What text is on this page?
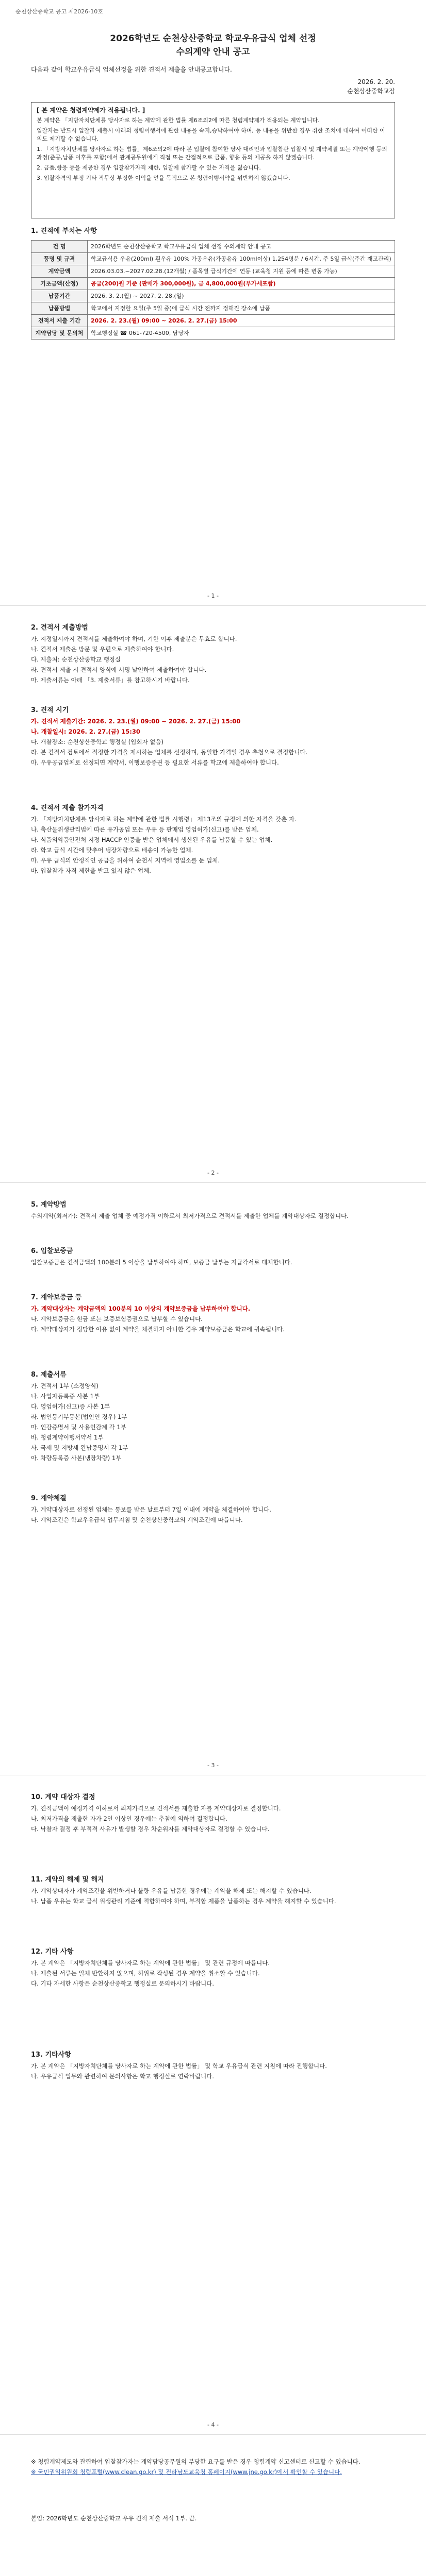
순천상산중학교 공고 제2026-10호
2026학년도 순천상산중학교 학교우유급식 업체 선정
수의계약 안내 공고
다음과 같이 학교우유급식 업체선정을 위한 견적서 제출을 안내공고합니다.
2026. 2. 20.
순천상산중학교장
[ 본 계약은 청렴계약제가 적용됩니다. ]

본 계약은 「지방자치단체를 당사자로 하는 계약에 관한 법률 제6조의2에 따른 청렴계약제가 적용되는 계약입니다.

입찰자는 반드시 입찰자 제출시 아래의 청렴이행서에 관한 내용을 숙지,승낙하여야 하며, 동 내용을 위반한 경우 취한 조치에 대하여 어떠한 이의도 제기할 수 없습니다.

1. 「지방자치단체를 당사자로 하는 법률」제6조의2에 따라 본 입찰에 참여한 당사 대리인과 입찰참관 입찰시 및 계약체결 또는 계약이행 등의 과정(준공,납품 이후를 포함)에서 관계공무원에게 직접 또는 간접적으로 금품, 향응 등의 제공을 하지 않겠습니다.

2. 금품,향응 등을 제공한 경우 입찰참가자격 제한, 입찰에 참가할 수 있는 자격을 잃습니다.

3. 입찰자격의 부정 기타 직무상 부정한 이익을 얻을 목적으로 본 청렴이행서약을 위반하지 않겠습니다.

1. 견적에 부치는 사항
건 명	2026학년도 순천상산중학교 학교우유급식 업체 선정 수의계약 안내 공고
품명 및 규격	학교급식용 우유(200ml) 흰우유 100% 가공우유(가공유유 100ml이상) 1,254명분 / 6시간, 주 5일 급식(주간 재고관리)
계약금액	2026.03.03.~2027.02.28.(12개월) / 품목별 급식기간에 연동 (교육청 지원 등에 따른 변동 가능)
기초금액(산정)	공급(200)원 기준 (판매가 300,000원), 금 4,800,000원(부가세포함)
납품기간	2026. 3. 2.(월) ~ 2027. 2. 28.(일)
납품방법	학교에서 지정한 요일(주 5일 중)에 급식 시간 전까지 정해진 장소에 납품
견적서 제출 기간	2026. 2. 23.(월) 09:00 ~ 2026. 2. 27.(금) 15:00
계약담당 및 문의처	학교행정실 ☎ 061-720-4500, 담당자
- 1 -
2. 견적서 제출방법

가. 지정일시까지 견적서를 제출하여야 하며, 기한 이후 제출분은 무효로 합니다.

나. 견적서 제출은 방문 및 우편으로 제출하여야 합니다.

다. 제출처: 순천상산중학교 행정실

라. 견적서 제출 시 견적서 양식에 서명 날인하여 제출하여야 합니다.

마. 제출서류는 아래 「3. 제출서류」를 참고하시기 바랍니다.

3. 견적 시기

가. 견적서 제출기간: 2026. 2. 23.(월) 09:00 ~ 2026. 2. 27.(금) 15:00

나. 개찰일시: 2026. 2. 27.(금) 15:30

다. 개찰장소: 순천상산중학교 행정실 (입회자 없음)

라. 본 견적서 검토에서 적정한 가격을 제시하는 업체를 선정하며, 동일한 가격일 경우 추첨으로 결정합니다.

마. 우유공급업체로 선정되면 계약서, 이행보증증권 등 필요한 서류를 학교에 제출하여야 합니다.

4. 견적서 제출 참가자격

가. 「지방자치단체를 당사자로 하는 계약에 관한 법률 시행령」 제13조의 규정에 의한 자격을 갖춘 자.

나. 축산물위생관리법에 따른 유가공업 또는 우유 등 판매업 영업허가(신고)를 받은 업체.

다. 식품의약품안전처 지정 HACCP 인증을 받은 업체에서 생산된 우유를 납품할 수 있는 업체.

라. 학교 급식 시간에 맞추어 냉장차량으로 배송이 가능한 업체.

마. 우유 급식의 안정적인 공급을 위하여 순천시 지역에 영업소를 둔 업체.

바. 입찰참가 자격 제한을 받고 있지 않은 업체.

- 2 -
5. 계약방법

수의계약(최저가): 견적서 제출 업체 중 예정가격 이하로서 최저가격으로 견적서를 제출한 업체를 계약대상자로 결정합니다.

6. 입찰보증금

입찰보증금은 견적금액의 100분의 5 이상을 납부하여야 하며, 보증금 납부는 지급각서로 대체합니다.

7. 계약보증금 등

가. 계약대상자는 계약금액의 100분의 10 이상의 계약보증금을 납부하여야 합니다.

나. 계약보증금은 현금 또는 보증보험증권으로 납부할 수 있습니다.

다. 계약대상자가 정당한 이유 없이 계약을 체결하지 아니한 경우 계약보증금은 학교에 귀속됩니다.

8. 제출서류

가. 견적서 1부 (소정양식)

나. 사업자등록증 사본 1부

다. 영업허가(신고)증 사본 1부

라. 법인등기부등본(법인인 경우) 1부

마. 인감증명서 및 사용인감계 각 1부

바. 청렴계약이행서약서 1부

사. 국세 및 지방세 완납증명서 각 1부

아. 차량등록증 사본(냉장차량) 1부

9. 계약체결

가. 계약대상자로 선정된 업체는 통보를 받은 날로부터 7일 이내에 계약을 체결하여야 합니다.

나. 계약조건은 학교우유급식 업무지침 및 순천상산중학교의 계약조건에 따릅니다.

- 3 -
10. 계약 대상자 결정

가. 견적금액이 예정가격 이하로서 최저가격으로 견적서를 제출한 자를 계약대상자로 결정합니다.

나. 최저가격을 제출한 자가 2인 이상인 경우에는 추첨에 의하여 결정합니다.

다. 낙찰자 결정 후 부적격 사유가 발생할 경우 차순위자를 계약대상자로 결정할 수 있습니다.

11. 계약의 해제 및 해지

가. 계약상대자가 계약조건을 위반하거나 불량 우유를 납품한 경우에는 계약을 해제 또는 해지할 수 있습니다.

나. 납품 우유는 학교 급식 위생관리 기준에 적합하여야 하며, 부적합 제품을 납품하는 경우 계약을 해지할 수 있습니다.

12. 기타 사항

가. 본 계약은 「지방자치단체를 당사자로 하는 계약에 관한 법률」 및 관련 규정에 따릅니다.

나. 제출된 서류는 일체 반환하지 않으며, 허위로 작성된 경우 계약을 취소할 수 있습니다.

다. 기타 자세한 사항은 순천상산중학교 행정실로 문의하시기 바랍니다.

13. 기타사항

가. 본 계약은 「지방자치단체를 당사자로 하는 계약에 관한 법률」 및 학교 우유급식 관련 지침에 따라 진행합니다.

나. 우유급식 업무와 관련하여 문의사항은 학교 행정실로 연락바랍니다.

- 4 -

※ 청렴계약제도와 관련하여 입찰참가자는 계약담당공무원의 부당한 요구를 받은 경우 청렴계약 신고센터로 신고할 수 있습니다.

※ 국민권익위원회 청렴포털(www.clean.go.kr) 및 전라남도교육청 홈페이지(www.jne.go.kr)에서 확인할 수 있습니다.

붙임: 2026학년도 순천상산중학교 우유 견적 제출 서식 1부. 끝.
